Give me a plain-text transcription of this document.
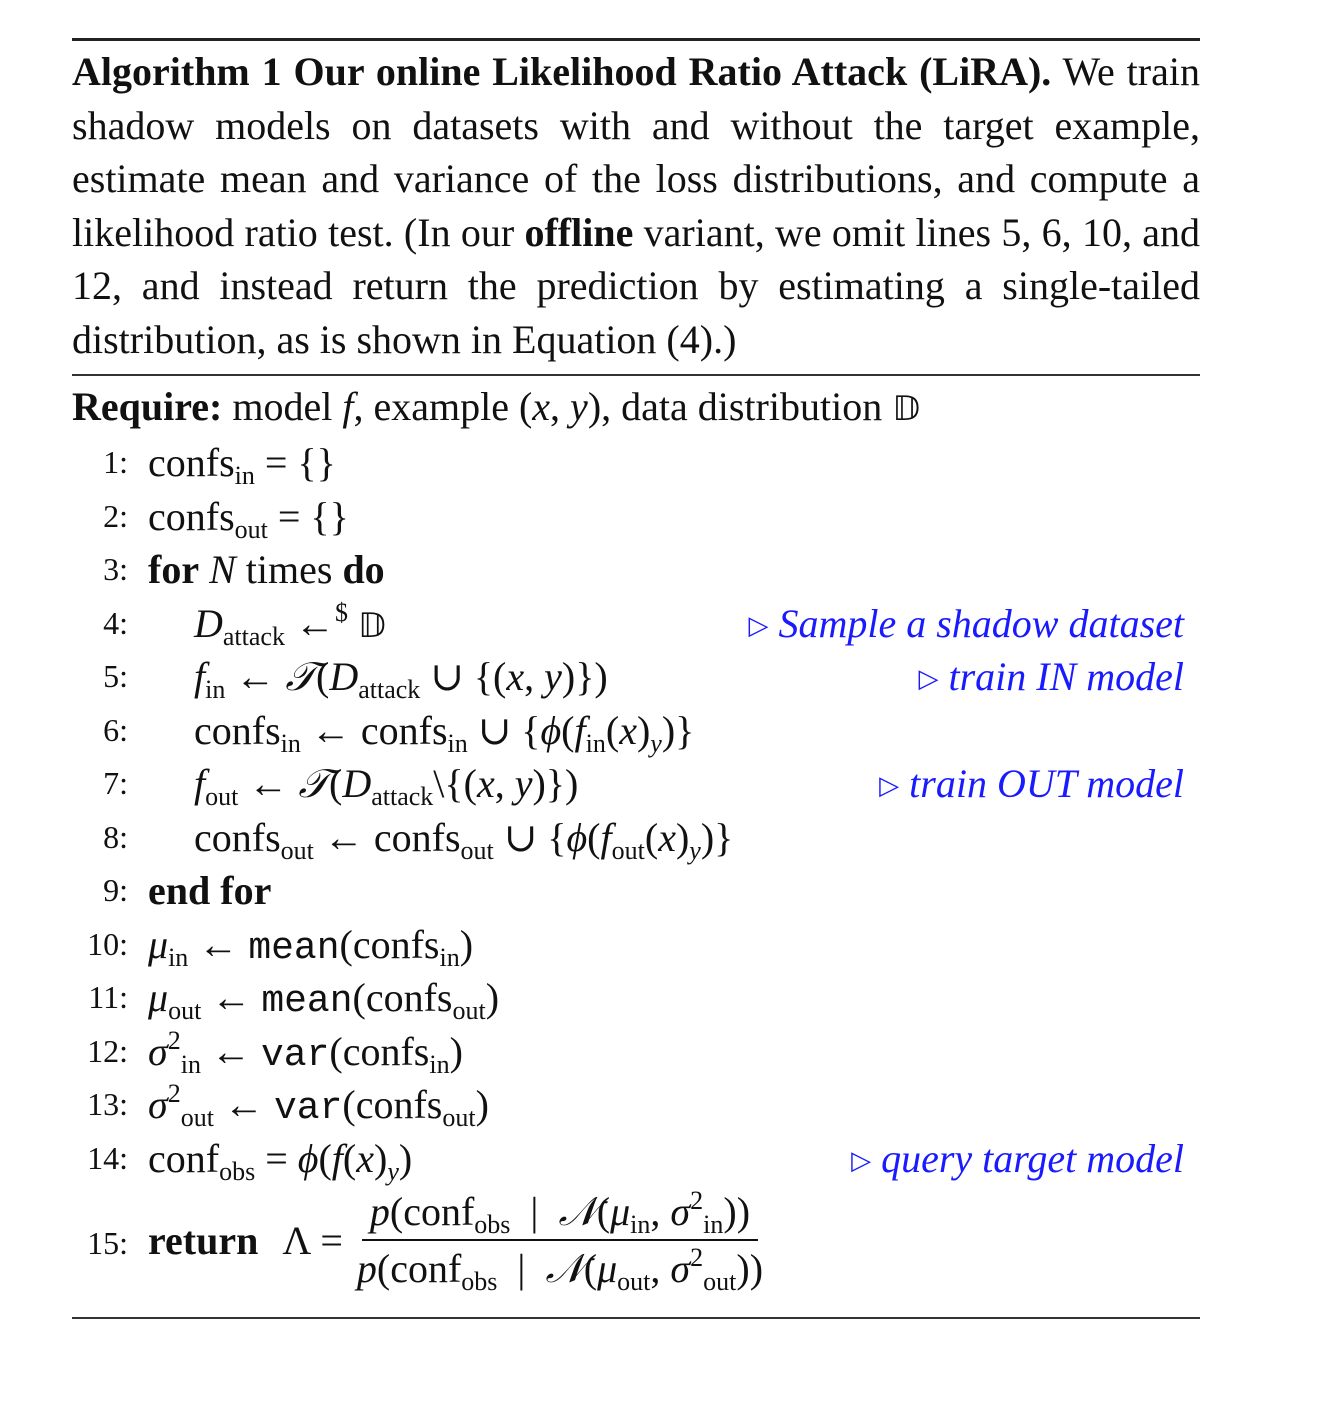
Algorithm 1 Our online Likelihood Ratio Attack (LiRA). We train shadow models on datasets with and without the target example, estimate mean and variance of the loss distributions, and compute a likelihood ratio test. (In our offline variant, we omit lines 5, 6, 10, and 12, and instead return the prediction by estimating a single-tailed distribution, as is shown in Equation (4).)
Require: model f, example (x, y), data distribution 𝔻
1: confs$_{in}$ = {}
2: confs$_{out}$ = {}
3: for N times do
4: $D_{attack}$ ←$ 𝔻	▷ Sample a shadow dataset
5: $f_{in}$ ← $𝒯(D_{attack}$ ∪ {(x, y)})	▷ train IN model
6: confs$_{in}$ ← confs$_{in}$ ∪ $\{\phi(f_{in}(x)_y)\}$
7: $f_{out}$ ← $𝒯(D_{attack}\backslash\{(x$, y)})	▷ train OUT model
8: confs$_{out}$ ← confs$_{out}$ ∪ $\{\phi(f_{out}(x)_y)\}$
9: end for
10: $\mu_{in}$ ← mean(confs$_{in}$)
11: $\mu_{out}$ ← mean(confs$_{out}$)
12: $\sigma^2_{in}$ ← var(confs$_{in}$)
13: $\sigma^2_{out}$ ← var(confs$_{out}$)
14: conf$_{obs}$ = $\phi(f(x)_y)$	▷ query target model
15: return $\Lambda = \frac{p(conf_{obs} | 𝒩(\mu_{in}, \sigma^2_{in}))}{p(conf_{obs} | 𝒩(\mu_{out}, \sigma^2_{out}))}$
